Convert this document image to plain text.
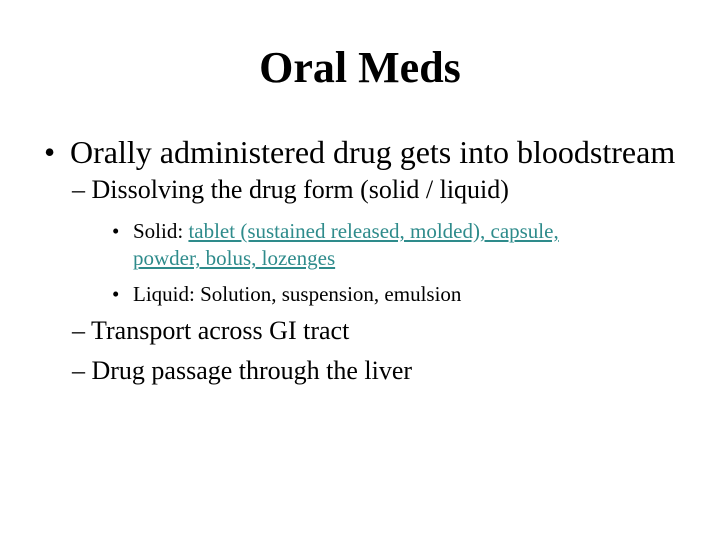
Oral Meds
• Orally administered drug gets into bloodstream
– Dissolving the drug form (solid / liquid)
• Solid: tablet (sustained released, molded), capsule,
powder, bolus, lozenges
• Liquid: Solution, suspension, emulsion
– Transport across GI tract
– Drug passage through the liver
